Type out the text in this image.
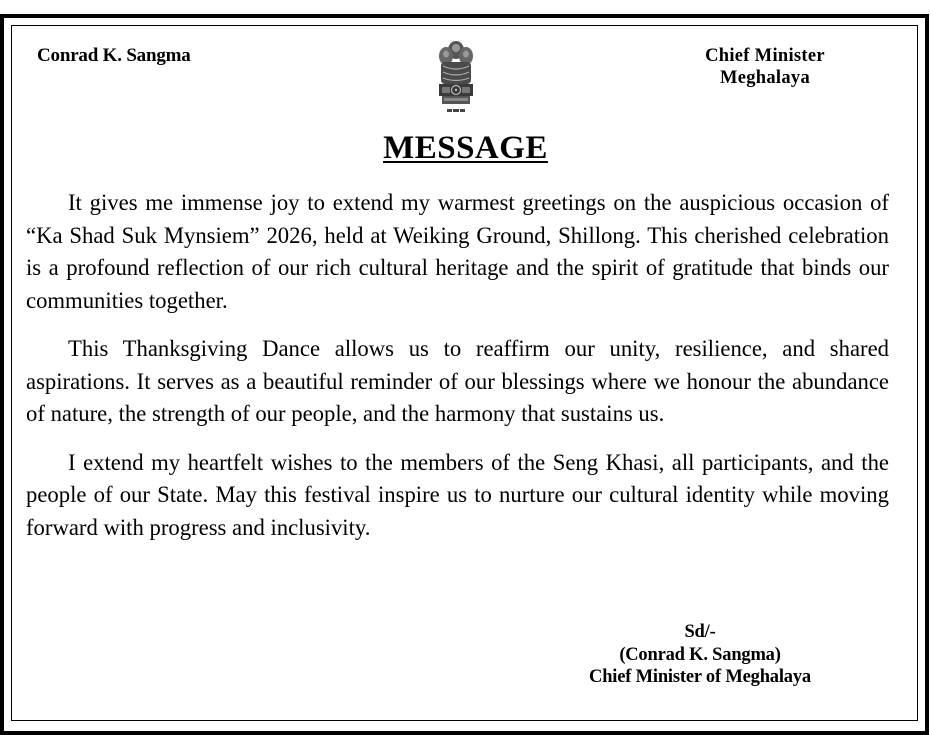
Conrad K. Sangma	Chief Minister
Meghalaya
MESSAGE

It gives me immense joy to extend my warmest greetings on the auspicious occasion of “Ka Shad Suk Mynsiem” 2026, held at Weiking Ground, Shillong. This cherished celebration is a profound reflection of our rich cultural heritage and the spirit of gratitude that binds our communities together.

This Thanksgiving Dance allows us to reaffirm our unity, resilience, and shared aspirations. It serves as a beautiful reminder of our blessings where we honour the abundance of nature, the strength of our people, and the harmony that sustains us.

I extend my heartfelt wishes to the members of the Seng Khasi, all participants, and the people of our State. May this festival inspire us to nurture our cultural identity while moving forward with progress and inclusivity.

Sd/-
(Conrad K. Sangma)
Chief Minister of Meghalaya
